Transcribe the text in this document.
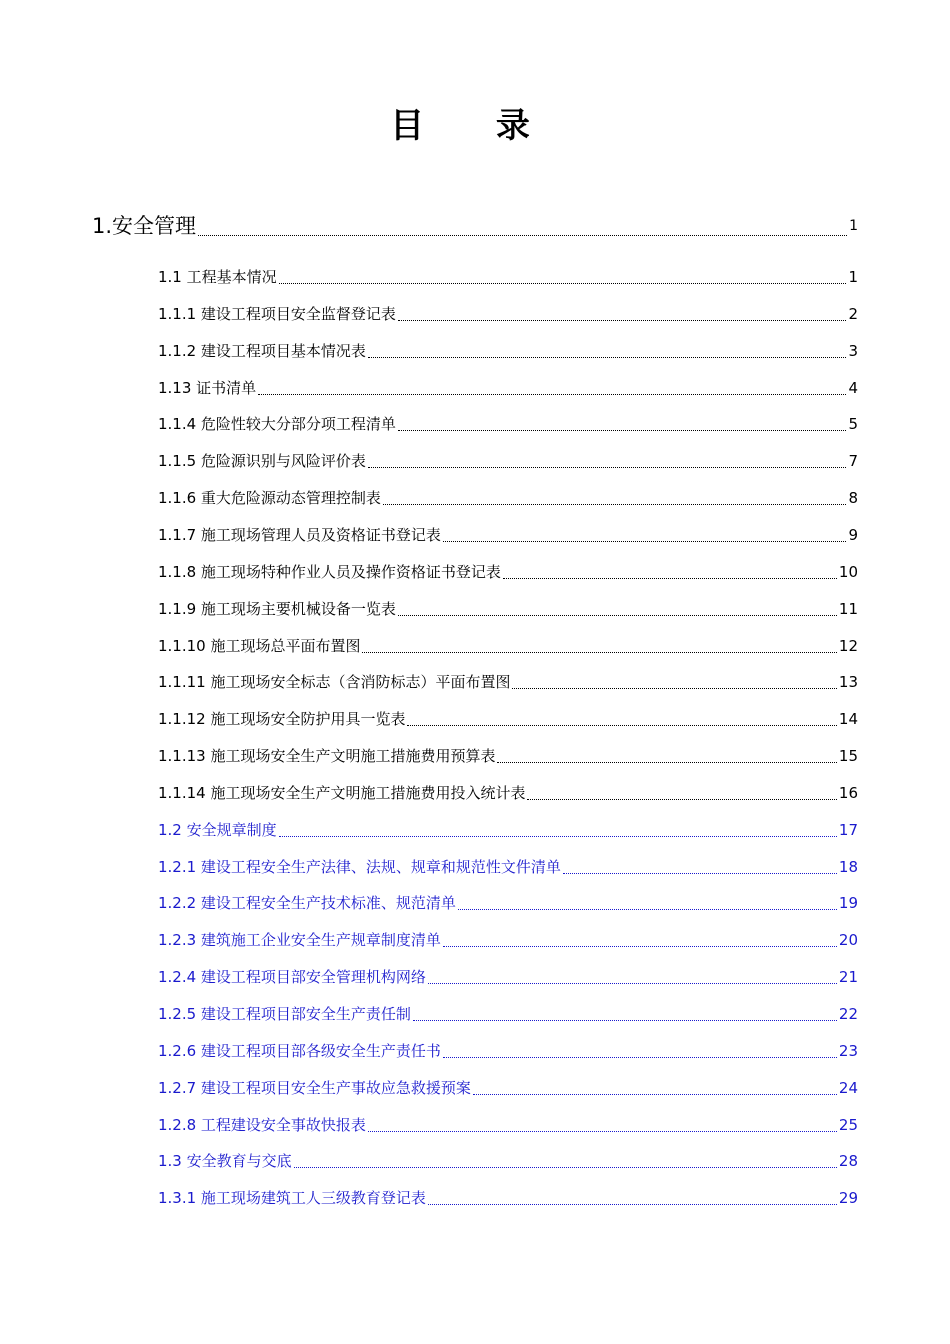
目 录
1.安全管理	1
1.1 工程基本情况	1
1.1.1 建设工程项目安全监督登记表	2
1.1.2 建设工程项目基本情况表	3
1.13 证书清单	4
1.1.4 危险性较大分部分项工程清单	5
1.1.5 危险源识别与风险评价表	7
1.1.6 重大危险源动态管理控制表	8
1.1.7 施工现场管理人员及资格证书登记表	9
1.1.8 施工现场特种作业人员及操作资格证书登记表	10
1.1.9 施工现场主要机械设备一览表	11
1.1.10 施工现场总平面布置图	12
1.1.11 施工现场安全标志（含消防标志）平面布置图	13
1.1.12 施工现场安全防护用具一览表	14
1.1.13 施工现场安全生产文明施工措施费用预算表	15
1.1.14 施工现场安全生产文明施工措施费用投入统计表	16
1.2 安全规章制度	17
1.2.1 建设工程安全生产法律、法规、规章和规范性文件清单	18
1.2.2 建设工程安全生产技术标准、规范清单	19
1.2.3 建筑施工企业安全生产规章制度清单	20
1.2.4 建设工程项目部安全管理机构网络	21
1.2.5 建设工程项目部安全生产责任制	22
1.2.6 建设工程项目部各级安全生产责任书	23
1.2.7 建设工程项目安全生产事故应急救援预案	24
1.2.8 工程建设安全事故快报表	25
1.3 安全教育与交底	28
1.3.1 施工现场建筑工人三级教育登记表	29
